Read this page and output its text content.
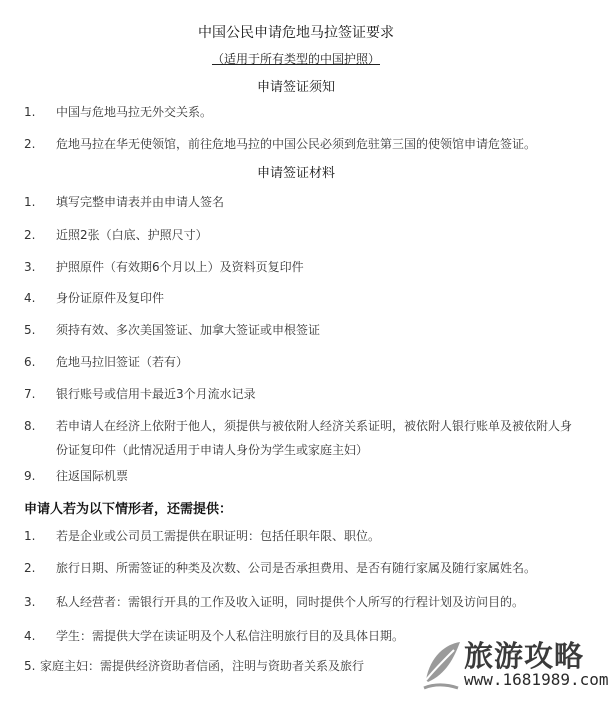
中国公民申请危地马拉签证要求
（适用于所有类型的中国护照）
申请签证须知
1.	中国与危地马拉无外交关系。
2.	危地马拉在华无使领馆，前往危地马拉的中国公民必须到危驻第三国的使领馆申请危签证。
申请签证材料
1.	填写完整申请表并由申请人签名
2.	近照2张（白底、护照尺寸）
3.	护照原件（有效期6个月以上）及资料页复印件
4.	身份证原件及复印件
5.	须持有效、多次美国签证、加拿大签证或申根签证
6.	危地马拉旧签证（若有）
7.	银行账号或信用卡最近3个月流水记录
8.	若申请人在经济上依附于他人，须提供与被依附人经济关系证明，被依附人银行账单及被依附人身份证复印件（此情况适用于申请人身份为学生或家庭主妇）
9.	往返国际机票
申请人若为以下情形者，还需提供：
1.	若是企业或公司员工需提供在职证明：包括任职年限、职位。
2.	旅行日期、所需签证的种类及次数、公司是否承担费用、是否有随行家属及随行家属姓名。
3.	私人经营者：需银行开具的工作及收入证明，同时提供个人所写的行程计划及访问目的。
4.	学生：需提供大学在读证明及个人私信注明旅行目的及具体日期。
5. 家庭主妇：需提供经济资助者信函，注明与资助者关系及旅行	旅游攻略
www.1681989.com
